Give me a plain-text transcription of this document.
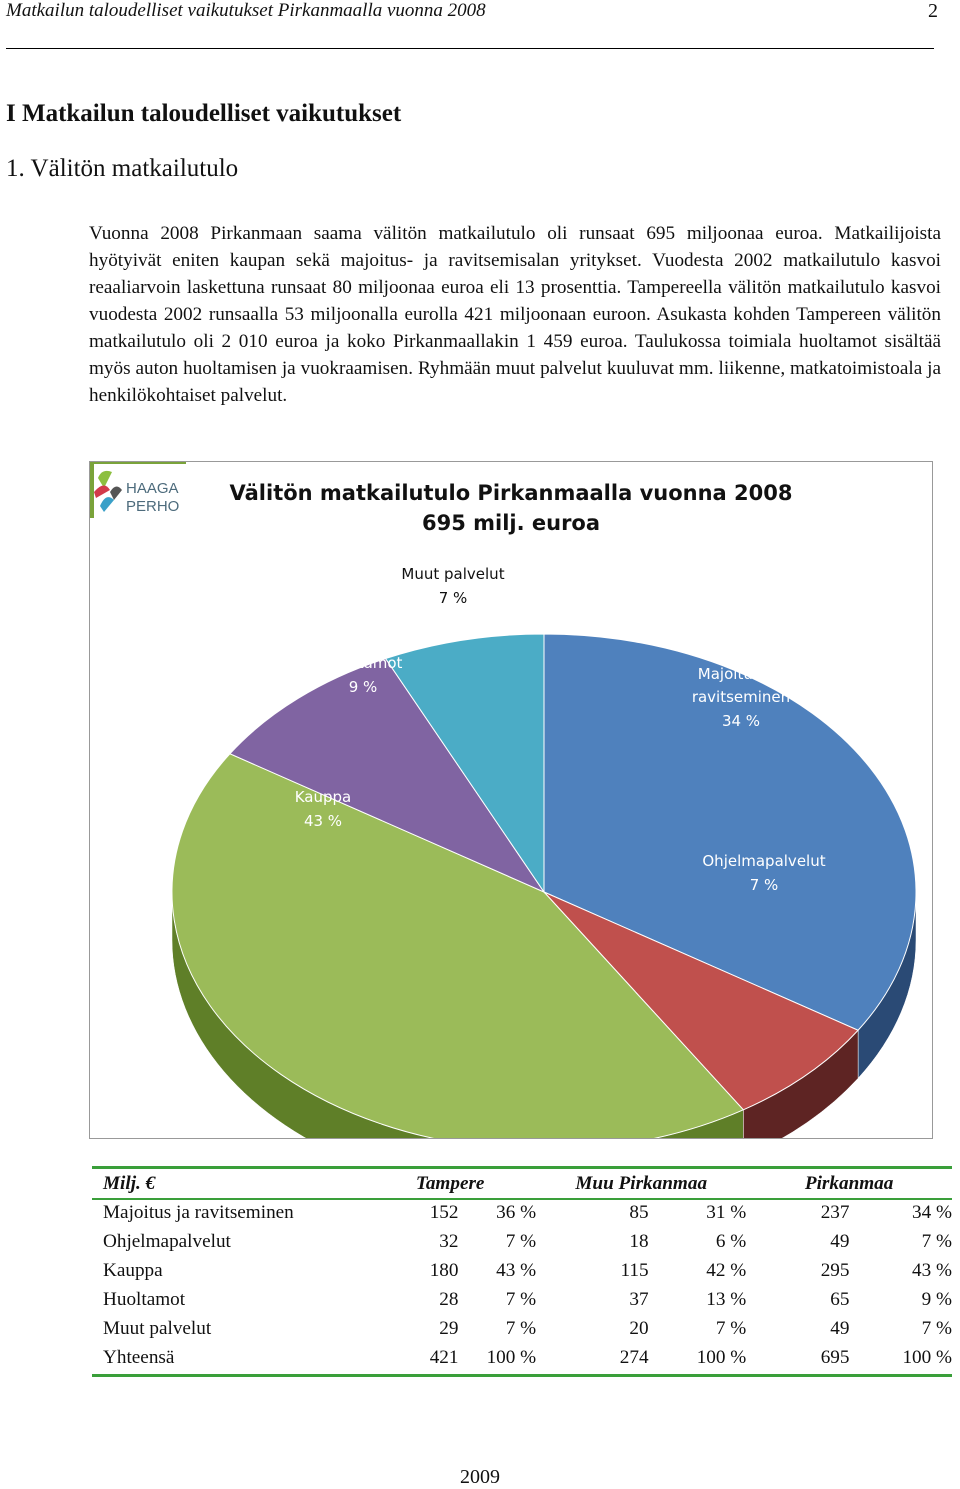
Matkailun taloudelliset vaikutukset Pirkanmaalla vuonna 2008	2
I Matkailun taloudelliset vaikutukset
1. Välitön matkailutulo

Vuonna 2008 Pirkanmaan saama välitön matkailutulo oli runsaat 695 miljoonaa euroa. Matkailijoista hyötyivät eniten kaupan sekä majoitus- ja ravitsemisalan yritykset. Vuodesta 2002 matkailutulo kasvoi reaaliarvoin laskettuna runsaat 80 miljoonaa euroa eli 13 prosenttia. Tampereella välitön matkailutulo kasvoi vuodesta 2002 runsaalla 53 miljoonalla eurolla 421 miljoonaan euroon. Asukasta kohden Tampereen välitön matkailutulo oli 2 010 euroa ja koko Pirkanmaallakin 1 459 euroa. Taulukossa toimiala huoltamot sisältää myös auton huoltamisen ja vuokraamisen. Ryhmään muut palvelut kuuluvat mm. liikenne, matkatoimistoala ja henkilökohtaiset palvelut.

HAAGA
PERHO
Välitön matkailutulo Pirkanmaalla vuonna 2008
695 milj. euroa
Majoitus- ja ravitseminen 34 %
Ohjelmapalvelut 7 %
Kauppa 43 %
Huoltamot 9 %
Muut palvelut 7 %
Milj. €	Tampere		Muu Pirkanmaa		Pirkanmaa	
Majoitus ja ravitseminen	152	36 %	85	31 %	237	34 %
Ohjelmapalvelut	32	7 %	18	6 %	49	7 %
Kauppa	180	43 %	115	42 %	295	43 %
Huoltamot	28	7 %	37	13 %	65	9 %
Muut palvelut	29	7 %	20	7 %	49	7 %
Yhteensä	421	100 %	274	100 %	695	100 %
2009
